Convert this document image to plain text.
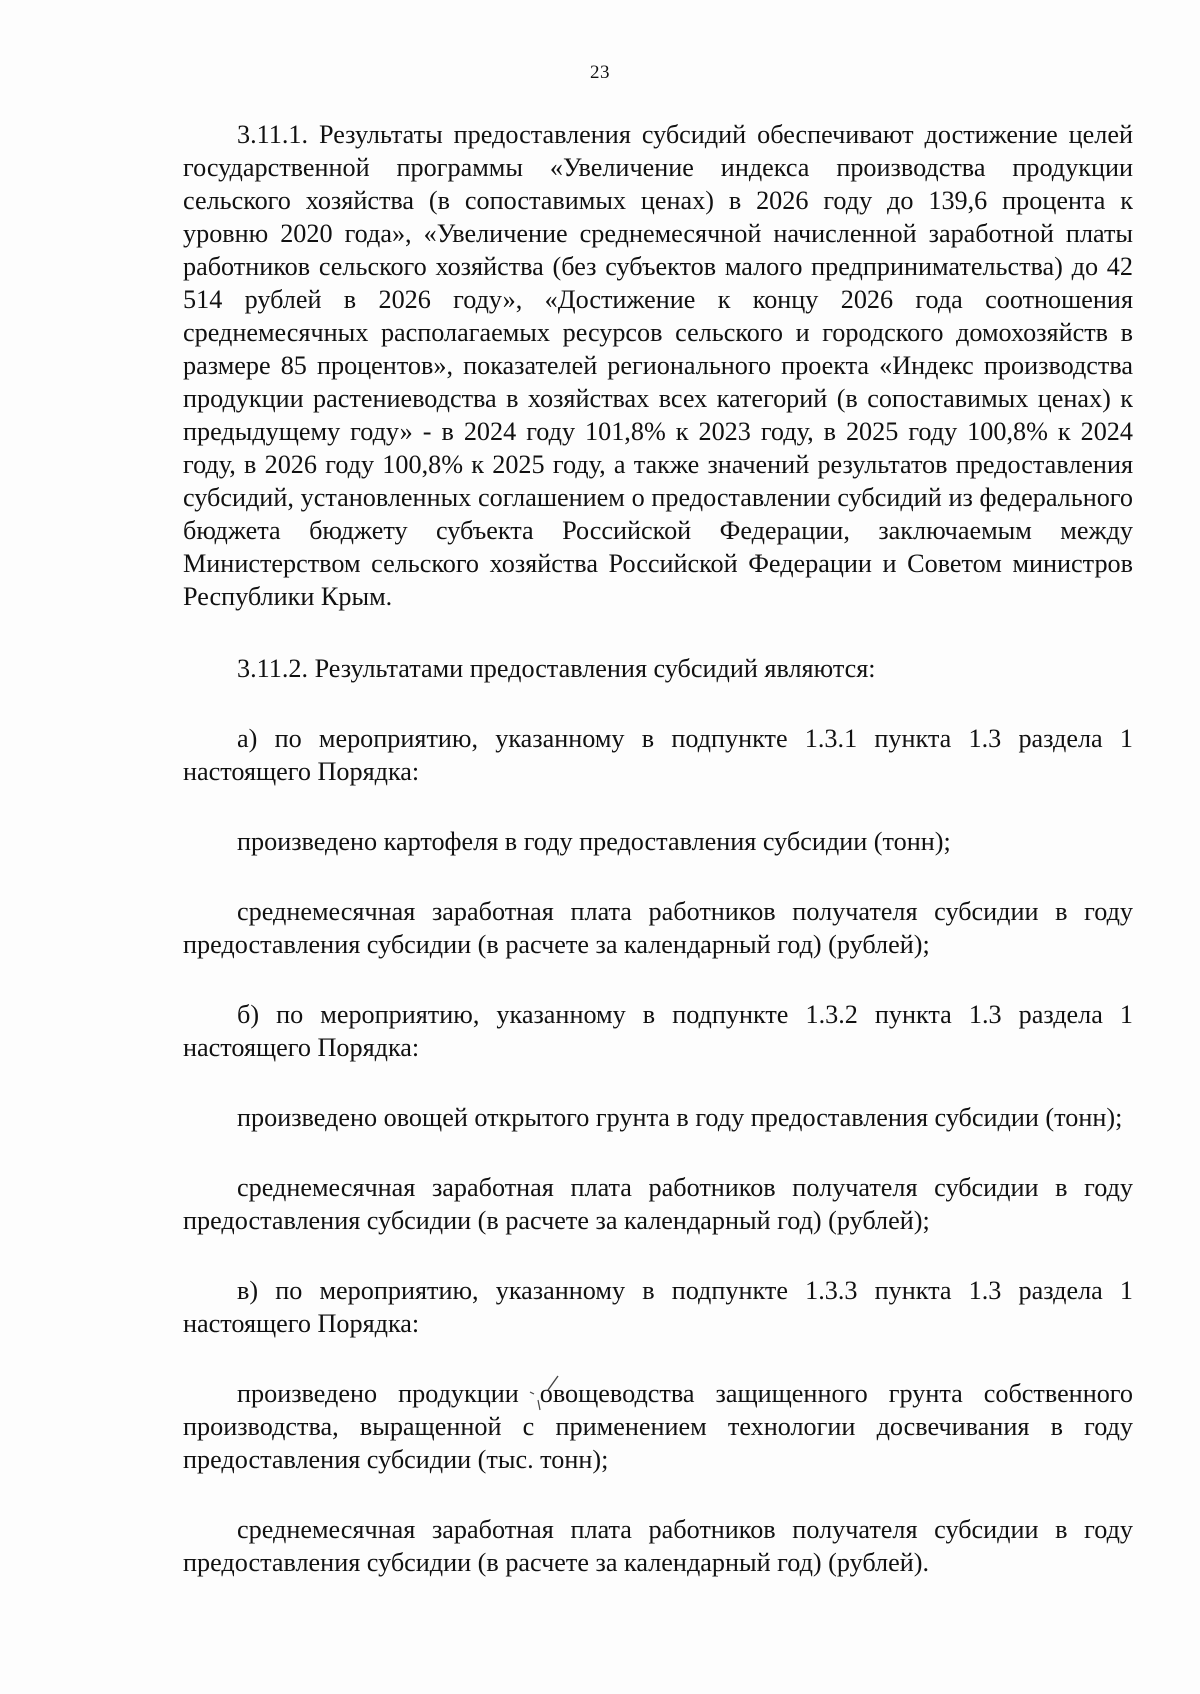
23

3.11.1. Результаты предоставления субсидий обеспечивают достижение целей государственной программы «Увеличение индекса производства продукции сельского хозяйства (в сопоставимых ценах) в 2026 году до 139,6 процента к уровню 2020 года», «Увеличение среднемесячной начисленной заработной платы работников сельского хозяйства (без субъектов малого предпринимательства) до 42 514 рублей в 2026 году», «Достижение к концу 2026 года соотношения среднемесячных располагаемых ресурсов сельского и городского домохозяйств в размере 85 процентов», показателей регионального проекта «Индекс производства продукции растениеводства в хозяйствах всех категорий (в сопоставимых ценах) к предыдущему году» - в 2024 году 101,8% к 2023 году, в 2025 году 100,8% к 2024 году, в 2026 году 100,8% к 2025 году, а также значений результатов предоставления субсидий, установленных соглашением о предоставлении субсидий из федерального бюджета бюджету субъекта Российской Федерации, заключаемым между Министерством сельского хозяйства Российской Федерации и Советом министров Республики Крым.

3.11.2. Результатами предоставления субсидий являются:

а) по мероприятию, указанному в подпункте 1.3.1 пункта 1.3 раздела 1 настоящего Порядка:

произведено картофеля в году предоставления субсидии (тонн);

среднемесячная заработная плата работников получателя субсидии в году предоставления субсидии (в расчете за календарный год) (рублей);

б) по мероприятию, указанному в подпункте 1.3.2 пункта 1.3 раздела 1 настоящего Порядка:

произведено овощей открытого грунта в году предоставления субсидии (тонн);

среднемесячная заработная плата работников получателя субсидии в году предоставления субсидии (в расчете за календарный год) (рублей);

в) по мероприятию, указанному в подпункте 1.3.3 пункта 1.3 раздела 1 настоящего Порядка:

произведено продукции овощеводства защищенного грунта собственного производства, выращенной с применением технологии досвечивания в году предоставления субсидии (тыс. тонн);

среднемесячная заработная плата работников получателя субсидии в году предоставления субсидии (в расчете за календарный год) (рублей).
